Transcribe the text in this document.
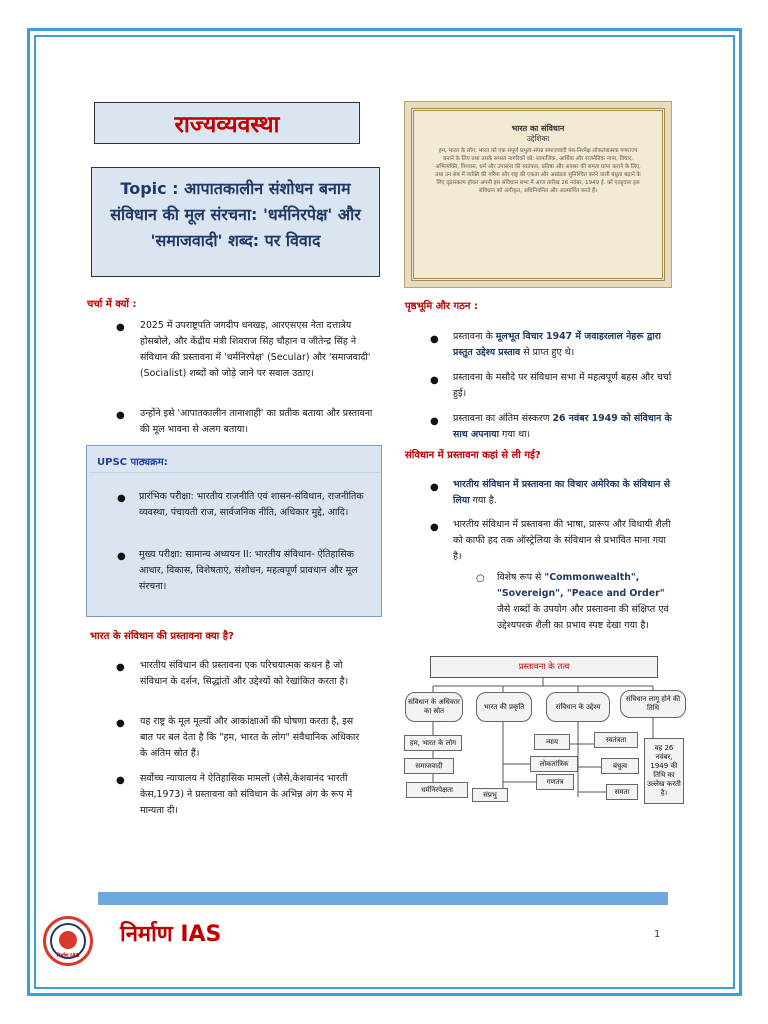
राज्यव्यवस्था
Topic : आपातकालीन संशोधन बनाम संविधान की मूल संरचना: 'धर्मनिरपेक्ष' और 'समाजवादी' शब्द: पर विवाद
चर्चा में क्यों :
● 2025 में उपराष्ट्रपति जगदीप धनखड़, आरएसएस नेता दत्तात्रेय होसबोले, और केंद्रीय मंत्री शिवराज सिंह चौहान व जीतेन्द्र सिंह ने संविधान की प्रस्तावना में 'धर्मनिरपेक्ष' (Secular) और 'समाजवादी' (Socialist) शब्दों को जोड़े जाने पर सवाल उठाए।
● उन्होंने इसे 'आपातकालीन तानाशाही' का प्रतीक बताया और प्रस्तावना की मूल भावना से अलग बताया।
UPSC पाठ्यक्रम:
● प्रारंभिक परीक्षा: भारतीय राजनीति एवं शासन-संविधान, राजनीतिक व्यवस्था, पंचायती राज, सार्वजनिक नीति, अधिकार मुद्दे, आदि।
● मुख्य परीक्षा: सामान्य अध्ययन II: भारतीय संविधान- ऐतिहासिक आधार, विकास, विशेषताएं, संशोधन, महत्वपूर्ण प्रावधान और मूल संरचना।
भारत के संविधान की प्रस्तावना क्या है?
● भारतीय संविधान की प्रस्तावना एक परिचयात्मक कथन है जो संविधान के दर्शन, सिद्धांतों और उद्देश्यों को रेखांकित करता है।
● यह राष्ट्र के मूल मूल्यों और आकांक्षाओं की घोषणा करता है, इस बात पर बल देता है कि "हम, भारत के लोग" संवैधानिक अधिकार के अंतिम स्रोत हैं।
● सर्वोच्च न्यायालय ने ऐतिहासिक मामलों (जैसे,केशवानंद भारती केस,1973) ने प्रस्तावना को संविधान के अभिन्न अंग के रूप में मान्यता दी।
भारत का संविधान
उद्देशिका
हम, भारत के लोग, भारत को एक संपूर्ण प्रभुत्व-संपन्न समाजवादी पंथ-निरपेक्ष लोकतंत्रात्मक गणराज्य बनाने के लिए तथा उसके समस्त नागरिकों को: सामाजिक, आर्थिक और राजनैतिक न्याय, विचार, अभिव्यक्ति, विश्वास, धर्म और उपासना की स्वतंत्रता, प्रतिष्ठा और अवसर की समता प्राप्त कराने के लिए, तथा उन सब में व्यक्ति की गरिमा और राष्ट्र की एकता और अखंडता सुनिश्चित करने वाली बंधुता बढ़ाने के लिए दृढ़संकल्प होकर अपनी इस संविधान सभा में आज तारीख 26 नवंबर, 1949 ई. को एतद्द्वारा इस संविधान को अंगीकृत, अधिनियमित और आत्मार्पित करते हैं।
पृष्ठभूमि और गठन :
● प्रस्तावना के मूलभूत विचार 1947 में जवाहरलाल नेहरू द्वारा प्रस्तुत उद्देश्य प्रस्ताव से प्राप्त हुए थे।
● प्रस्तावना के मसौदे पर संविधान सभा में महत्वपूर्ण बहस और चर्चा हुई।
● प्रस्तावना का अंतिम संस्करण 26 नवंबर 1949 को संविधान के साथ अपनाया गया था।
संविधान में प्रस्तावना कहां से ली गई?
● भारतीय संविधान में प्रस्तावना का विचार अमेरिका के संविधान से लिया गया है.
● भारतीय संविधान में प्रस्तावना की भाषा, प्रारूप और विधायी शैली को काफी हद तक ऑस्ट्रेलिया के संविधान से प्रभावित माना गया है।
○ विशेष रूप से "Commonwealth", "Sovereign", "Peace and Order" जैसे शब्दों के उपयोग और प्रस्तावना की संक्षिप्त एवं उद्देश्यपरक शैली का प्रभाव स्पष्ट देखा गया है।
प्रस्तावना के तत्व
संविधान के अधिकार का स्रोत
भारत की प्रकृति	संविधान के उद्देश्य
संविधान लागू होने की तिथि
हम, भारत के लोग
समाजवादी
धर्मनिरपेक्षता
लोकतांत्रिक
संप्रभु
गणतंत्र
न्याय	स्वतंत्रता
बंधुत्व
समता
वह 26 नवंबर, 1949 की तिथि का उल्लेख करती है।
निर्माण IAS
निर्माण IAS	1
